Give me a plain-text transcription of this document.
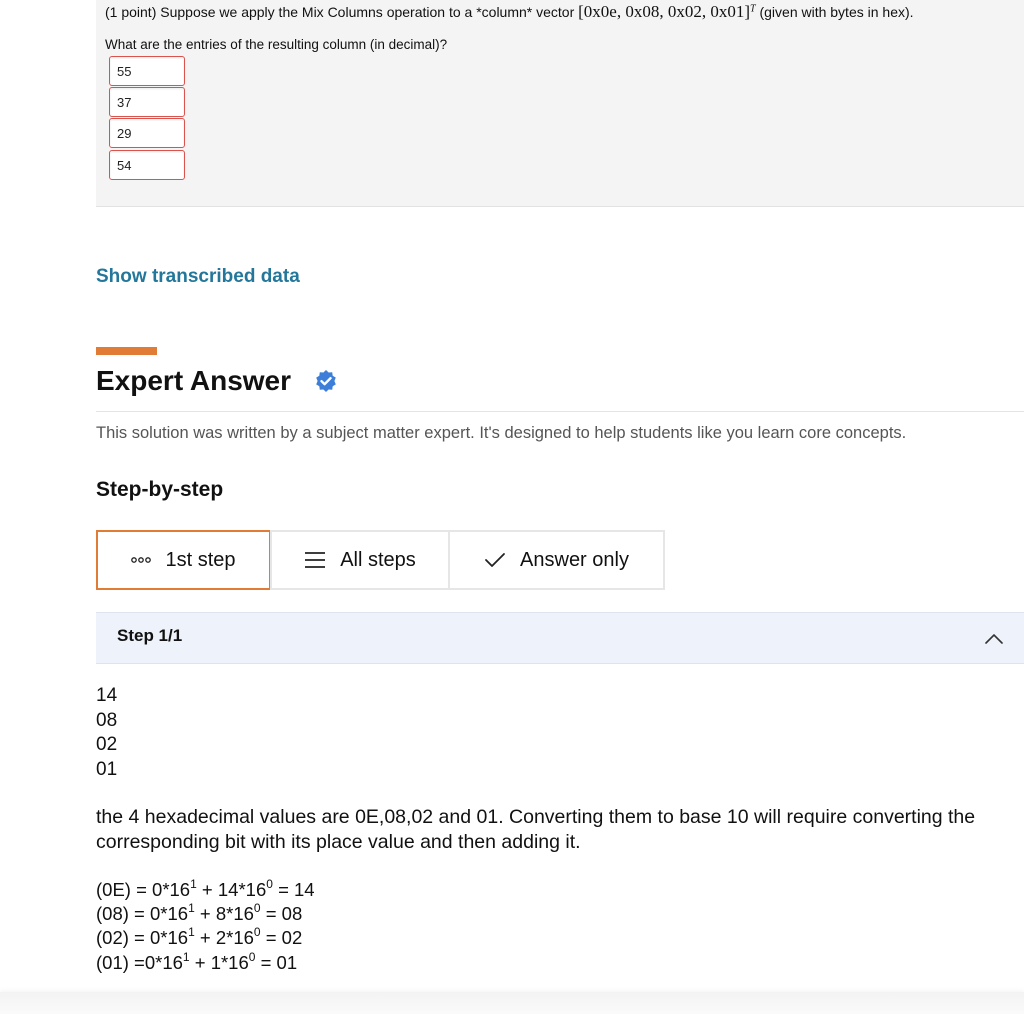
(1 point) Suppose we apply the Mix Columns operation to a *column* vector [0x0e, 0x08, 0x02, 0x01]$^T$ (given with bytes in hex).
What are the entries of the resulting column (in decimal)?
55
37
29
54
Show transcribed data
Expert Answer
This solution was written by a subject matter expert. It's designed to help students like you learn core concepts.
Step-by-step
1st step	All steps	Answer only
Step 1/1
14
08
02
01
the 4 hexadecimal values are 0E,08,02 and 01. Converting them to base 10 will require converting the corresponding bit with its place value and then adding it.
$(0E) = 0*16^1 + 14*16^0 = 14$
$(08) = 0*16^1 + 8*16^0 = 08$
$(02) = 0*16^1 + 2*16^0 = 02$
$(01) =0*16^1 + 1*16^0 = 01$
